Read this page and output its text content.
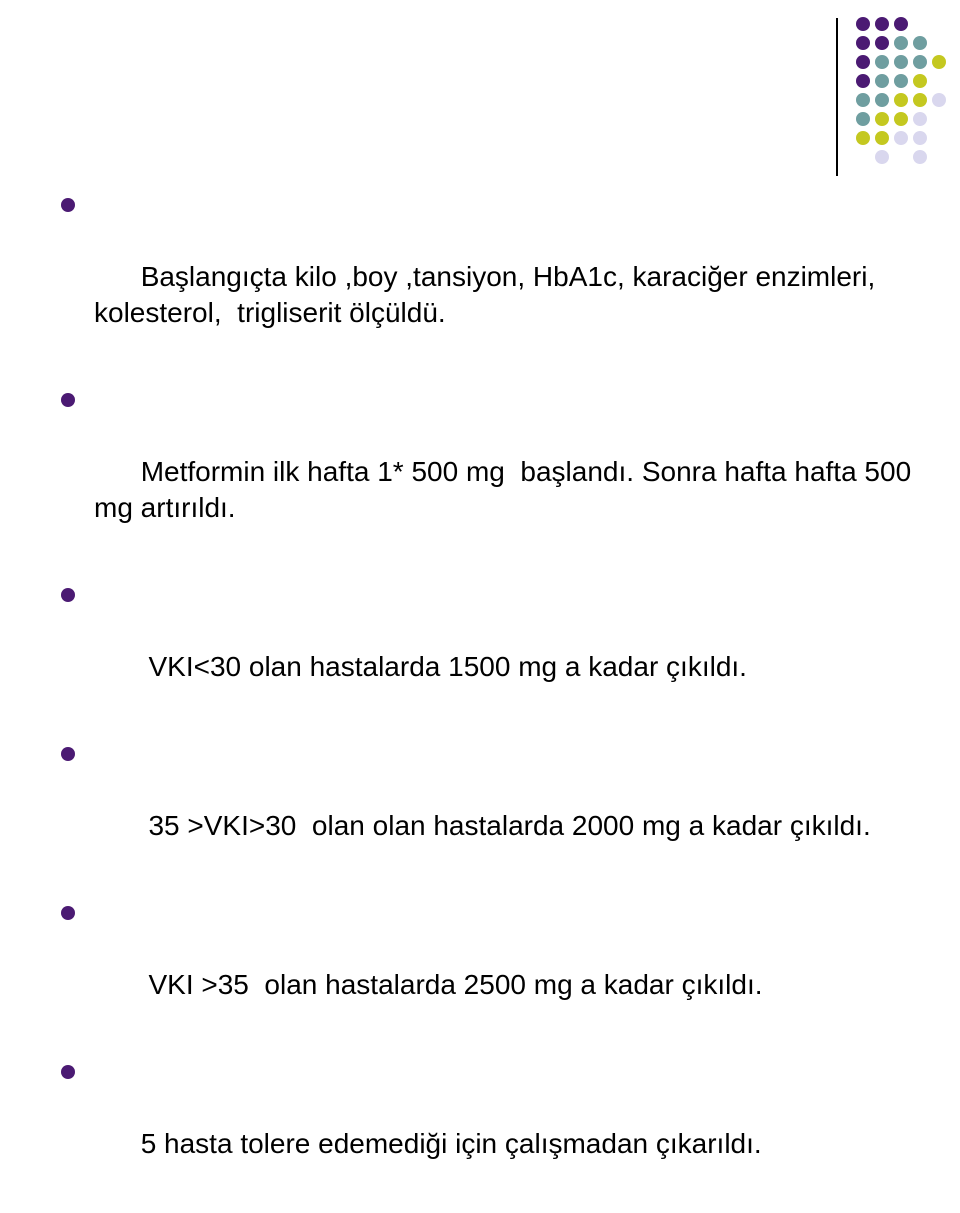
Başlangıçta kilo ,boy ,tansiyon, HbA1c, karaciğer enzimleri, kolesterol,  trigliserit ölçüldü.

Metformin ilk hafta 1* 500 mg  başlandı. Sonra hafta hafta 500 mg artırıldı.

VKI<30 olan hastalarda 1500 mg a kadar çıkıldı.

35 >VKI>30  olan olan hastalarda 2000 mg a kadar çıkıldı.

VKI >35  olan hastalarda 2500 mg a kadar çıkıldı.

5 hasta tolere edemediği için çalışmadan çıkarıldı.
